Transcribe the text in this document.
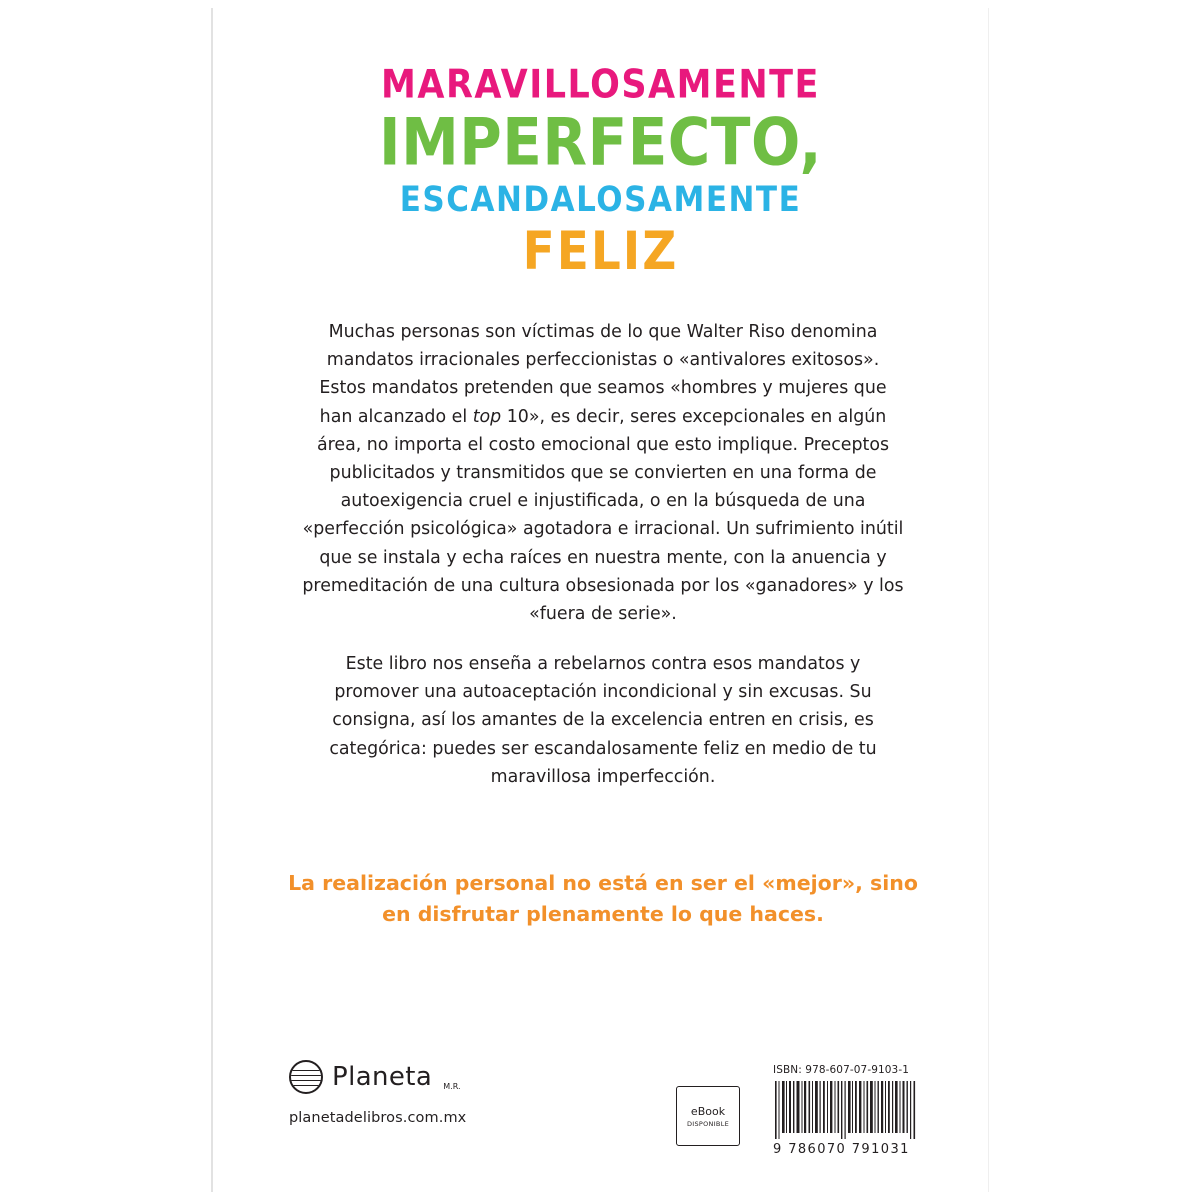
MARAVILLOSAMENTE
IMPERFECTO,
ESCANDALOSAMENTE
FELIZ

Muchas personas son víctimas de lo que Walter Riso denomina mandatos irracionales perfeccionistas o «antivalores exitosos». Estos mandatos pretenden que seamos «hombres y mujeres que han alcanzado el top 10», es decir, seres excepcionales en algún área, no importa el costo emocional que esto implique. Preceptos publicitados y transmitidos que se convierten en una forma de autoexigencia cruel e injustificada, o en la búsqueda de una «perfección psicológica» agotadora e irracional. Un sufrimiento inútil que se instala y echa raíces en nuestra mente, con la anuencia y premeditación de una cultura obsesionada por los «ganadores» y los «fuera de serie».

Este libro nos enseña a rebelarnos contra esos mandatos y promover una autoaceptación incondicional y sin excusas. Su consigna, así los amantes de la excelencia entren en crisis, es categórica: puedes ser escandalosamente feliz en medio de tu maravillosa imperfección.

La realización personal no está en ser el «mejor», sino en disfrutar plenamente lo que haces.
Planeta M.R.
planetadelibros.com.mx	eBook
DISPONIBLE
ISBN: 978-607-07-9103-1
9 786070 791031
